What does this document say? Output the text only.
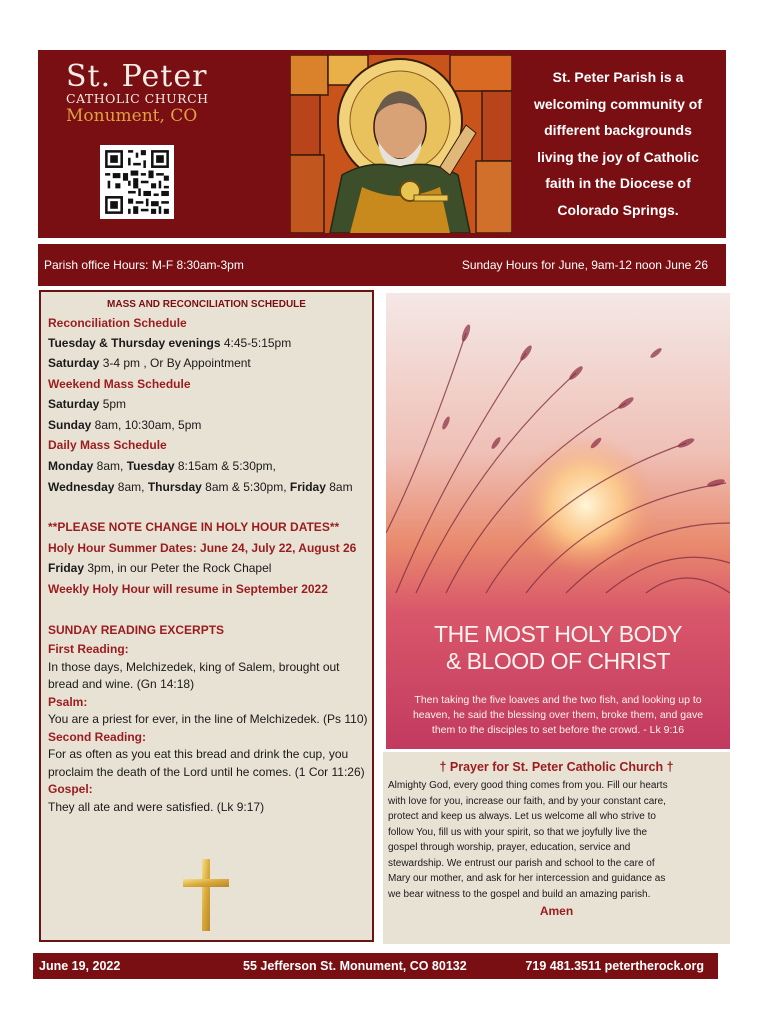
St. Peter
CATHOLIC CHURCH
Monument, CO
St. Peter Parish is a
welcoming community of
different backgrounds
living the joy of Catholic
faith in the Diocese of
Colorado Springs.
Parish office Hours: M-F 8:30am-3pm	Sunday Hours for June, 9am-12 noon June 26
MASS AND RECONCILIATION SCHEDULE
Reconciliation Schedule
Tuesday & Thursday evenings 4:45-5:15pm
Saturday 3-4 pm , Or By Appointment
Weekend Mass Schedule
Saturday 5pm
Sunday 8am, 10:30am, 5pm
Daily Mass Schedule
Monday 8am, Tuesday 8:15am & 5:30pm,
Wednesday 8am, Thursday 8am & 5:30pm, Friday 8am
**PLEASE NOTE CHANGE IN HOLY HOUR DATES**
Holy Hour Summer Dates: June 24, July 22, August 26
Friday 3pm, in our Peter the Rock Chapel
Weekly Holy Hour will resume in September 2022
SUNDAY READING EXCERPTS
First Reading:
In those days, Melchizedek, king of Salem, brought out bread and wine. (Gn 14:18)
Psalm:
You are a priest for ever, in the line of Melchizedek. (Ps 110)
Second Reading:
For as often as you eat this bread and drink the cup, you proclaim the death of the Lord until he comes. (1 Cor 11:26)
Gospel:
They all ate and were satisfied. (Lk 9:17)
THE MOST HOLY BODY
& BLOOD OF CHRIST
Then taking the five loaves and the two fish, and looking up to heaven, he said the blessing over them, broke them, and gave them to the disciples to set before the crowd. - Lk 9:16
† Prayer for St. Peter Catholic Church †
Almighty God, every good thing comes from you. Fill our hearts
with love for you, increase our faith, and by your constant care,
protect and keep us always. Let us welcome all who strive to
follow You, fill us with your spirit, so that we joyfully live the
gospel through worship, prayer, education, service and
stewardship. We entrust our parish and school to the care of
Mary our mother, and ask for her intercession and guidance as
we bear witness to the gospel and build an amazing parish.
Amen
June 19, 2022	55 Jefferson St. Monument, CO 80132	719 481.3511 petertherock.org
